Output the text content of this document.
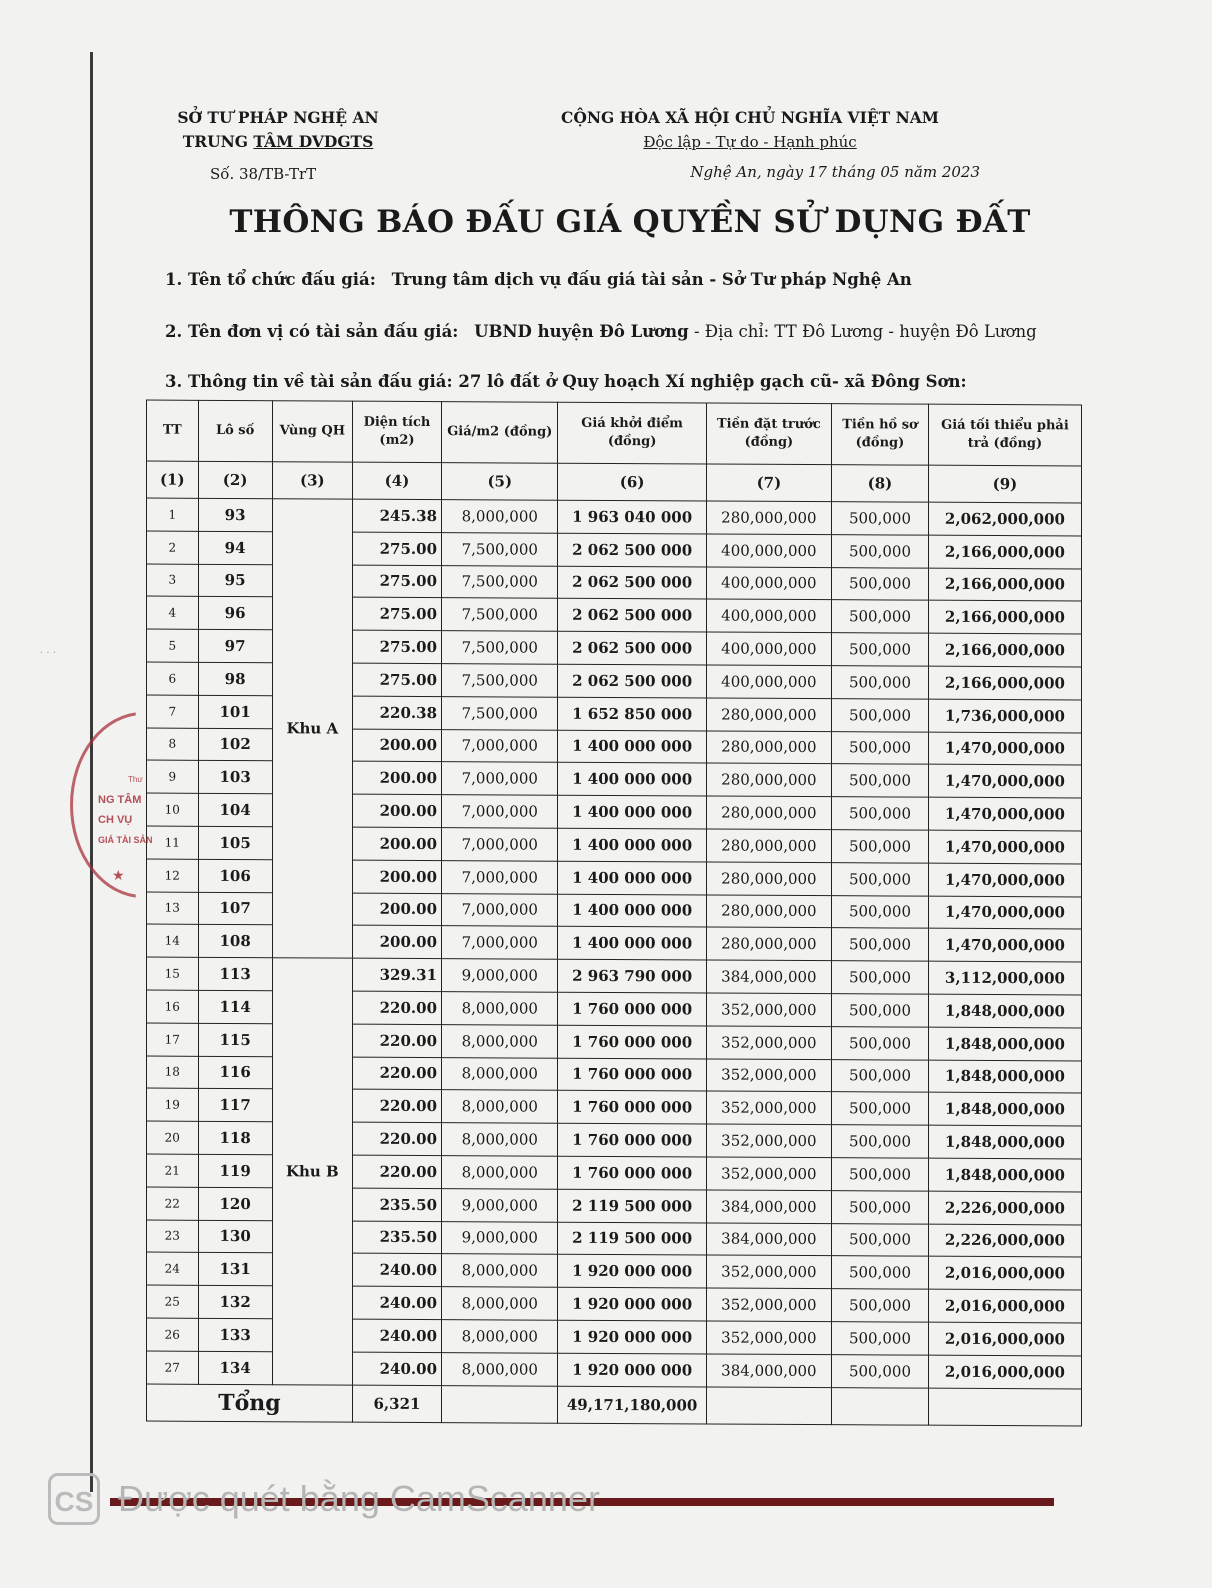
· · ·
SỞ TƯ PHÁP NGHỆ AN
TRUNG TÂM DVDGTS
Số. 38/TB-TrT
CỘNG HÒA XÃ HỘI CHỦ NGHĨA VIỆT NAM
Độc lập - Tự do - Hạnh phúc
Nghệ An, ngày 17 tháng 05 năm 2023
THÔNG BÁO ĐẤU GIÁ QUYỀN SỬ DỤNG ĐẤT
1. Tên tổ chức đấu giá: Trung tâm dịch vụ đấu giá tài sản - Sở Tư pháp Nghệ An
2. Tên đơn vị có tài sản đấu giá: UBND huyện Đô Lương - Địa chỉ: TT Đô Lương - huyện Đô Lương
3. Thông tin về tài sản đấu giá: 27 lô đất ở Quy hoạch Xí nghiệp gạch cũ- xã Đông Sơn:
TT	Lô số	Vùng QH	Diện tích (m2)	Giá/m2 (đồng)	Giá khởi điểm (đồng)	Tiền đặt trước (đồng)	Tiền hồ sơ (đồng)	Giá tối thiểu phải trả (đồng)
(1)	(2)	(3)	(4)	(5)	(6)	(7)	(8)	(9)
1	93	Khu A	245.38	8,000,000	1 963 040 000	280,000,000	500,000	2,062,000,000
2	94		275.00	7,500,000	2 062 500 000	400,000,000	500,000	2,166,000,000
3	95		275.00	7,500,000	2 062 500 000	400,000,000	500,000	2,166,000,000
4	96		275.00	7,500,000	2 062 500 000	400,000,000	500,000	2,166,000,000
5	97		275.00	7,500,000	2 062 500 000	400,000,000	500,000	2,166,000,000
6	98		275.00	7,500,000	2 062 500 000	400,000,000	500,000	2,166,000,000
7	101		220.38	7,500,000	1 652 850 000	280,000,000	500,000	1,736,000,000
8	102		200.00	7,000,000	1 400 000 000	280,000,000	500,000	1,470,000,000
9	103		200.00	7,000,000	1 400 000 000	280,000,000	500,000	1,470,000,000
10	104		200.00	7,000,000	1 400 000 000	280,000,000	500,000	1,470,000,000
11	105		200.00	7,000,000	1 400 000 000	280,000,000	500,000	1,470,000,000
12	106		200.00	7,000,000	1 400 000 000	280,000,000	500,000	1,470,000,000
13	107		200.00	7,000,000	1 400 000 000	280,000,000	500,000	1,470,000,000
14	108		200.00	7,000,000	1 400 000 000	280,000,000	500,000	1,470,000,000
15	113	Khu B	329.31	9,000,000	2 963 790 000	384,000,000	500,000	3,112,000,000
16	114		220.00	8,000,000	1 760 000 000	352,000,000	500,000	1,848,000,000
17	115		220.00	8,000,000	1 760 000 000	352,000,000	500,000	1,848,000,000
18	116		220.00	8,000,000	1 760 000 000	352,000,000	500,000	1,848,000,000
19	117		220.00	8,000,000	1 760 000 000	352,000,000	500,000	1,848,000,000
20	118		220.00	8,000,000	1 760 000 000	352,000,000	500,000	1,848,000,000
21	119		220.00	8,000,000	1 760 000 000	352,000,000	500,000	1,848,000,000
22	120		235.50	9,000,000	2 119 500 000	384,000,000	500,000	2,226,000,000
23	130		235.50	9,000,000	2 119 500 000	384,000,000	500,000	2,226,000,000
24	131		240.00	8,000,000	1 920 000 000	352,000,000	500,000	2,016,000,000
25	132		240.00	8,000,000	1 920 000 000	352,000,000	500,000	2,016,000,000
26	133		240.00	8,000,000	1 920 000 000	352,000,000	500,000	2,016,000,000
27	134		240.00	8,000,000	1 920 000 000	384,000,000	500,000	2,016,000,000
Tổng			6,321		49,171,180,000			
Thư
NG TÂM
CH VỤ
GIÁ TÀI SẢN
★
CS Được quét bằng CamScanner
